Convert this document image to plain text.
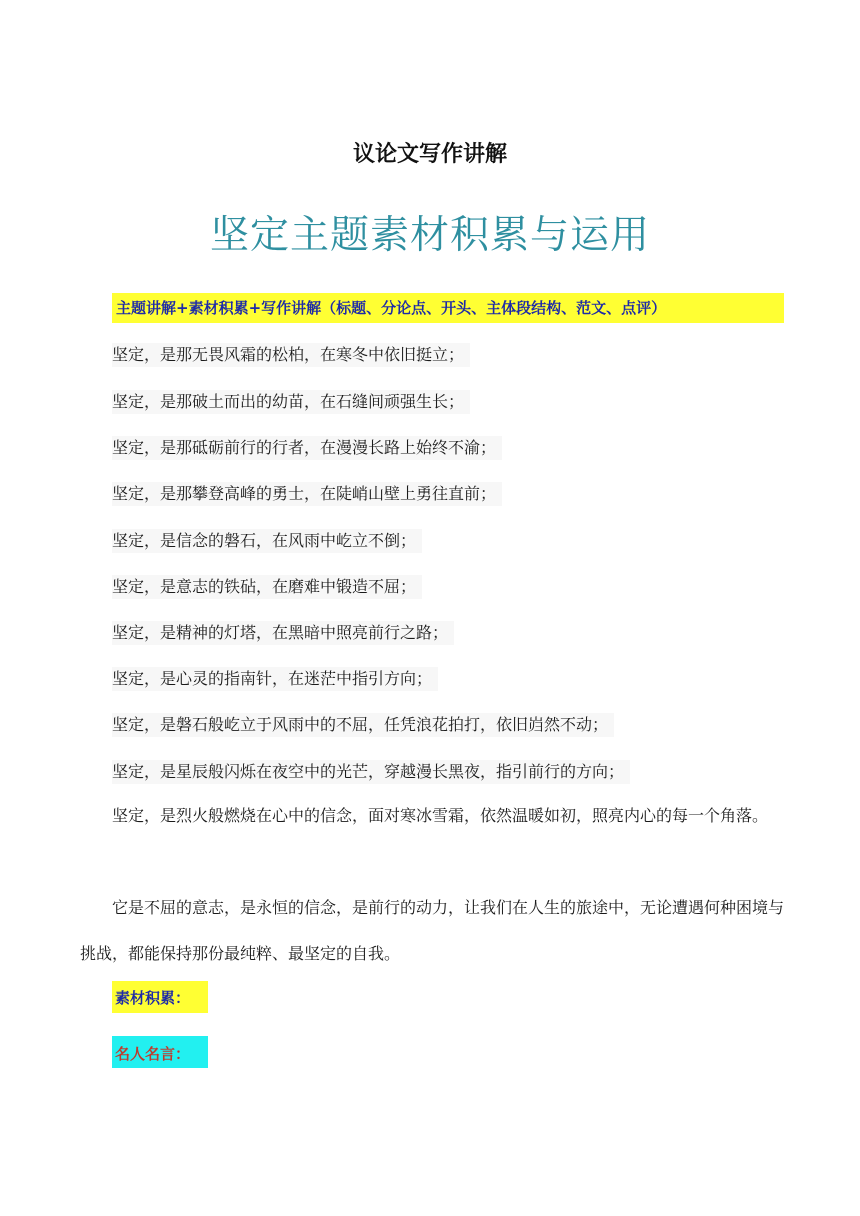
议论文写作讲解
坚定主题素材积累与运用
主题讲解+素材积累+写作讲解（标题、分论点、开头、主体段结构、范文、点评）
坚定，是那无畏风霜的松柏，在寒冬中依旧挺立；
坚定，是那破土而出的幼苗，在石缝间顽强生长；
坚定，是那砥砺前行的行者，在漫漫长路上始终不渝；
坚定，是那攀登高峰的勇士，在陡峭山壁上勇往直前；
坚定，是信念的磐石，在风雨中屹立不倒；
坚定，是意志的铁砧，在磨难中锻造不屈；
坚定，是精神的灯塔，在黑暗中照亮前行之路；
坚定，是心灵的指南针，在迷茫中指引方向；
坚定，是磐石般屹立于风雨中的不屈，任凭浪花拍打，依旧岿然不动；
坚定，是星辰般闪烁在夜空中的光芒，穿越漫长黑夜，指引前行的方向；
坚定，是烈火般燃烧在心中的信念，面对寒冰雪霜，依然温暖如初，照亮内心的每一个角落。
它是不屈的意志，是永恒的信念，是前行的动力，让我们在人生的旅途中，无论遭遇何种困境与挑战，都能保持那份最纯粹、最坚定的自我。
素材积累：
名人名言：
